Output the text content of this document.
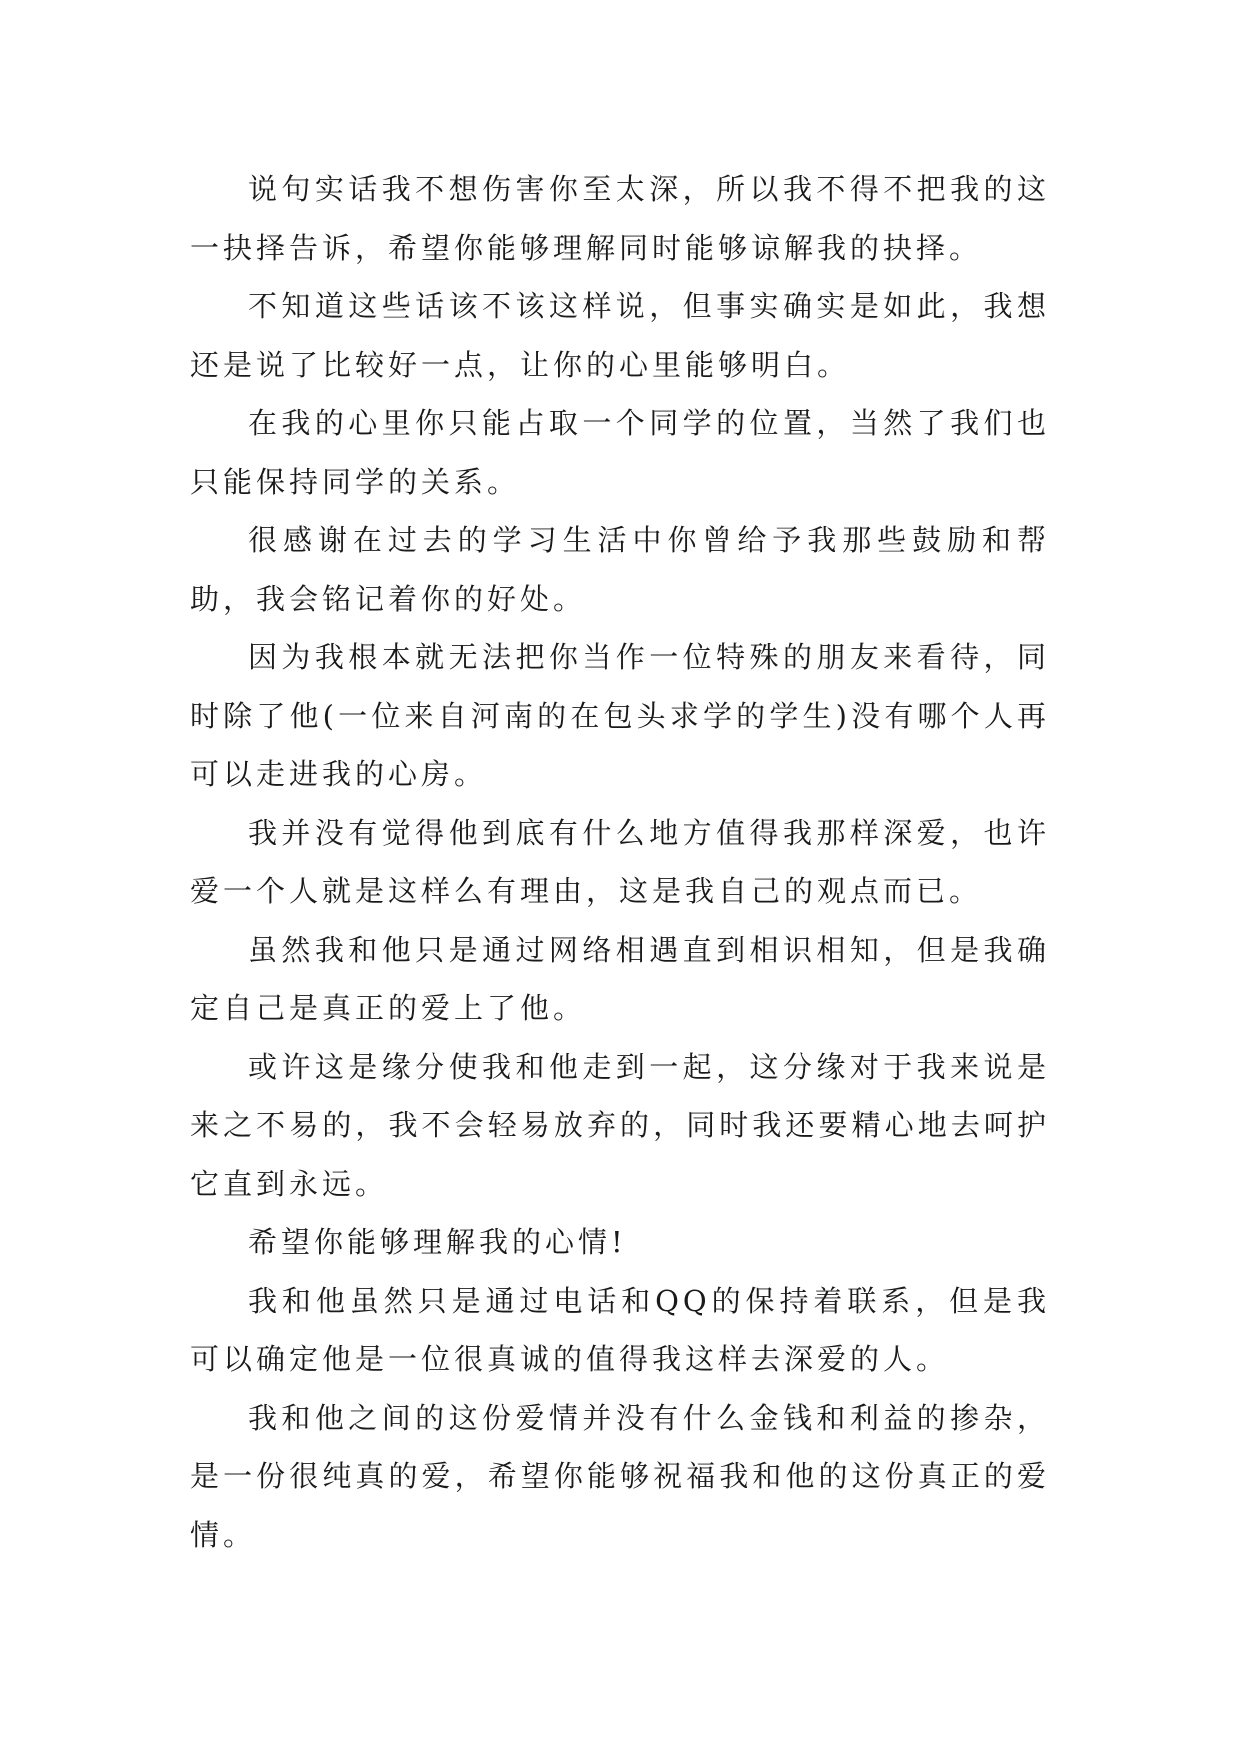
说句实话我不想伤害你至太深，所以我不得不把我的这一抉择告诉，希望你能够理解同时能够谅解我的抉择。

不知道这些话该不该这样说，但事实确实是如此，我想还是说了比较好一点，让你的心里能够明白。

在我的心里你只能占取一个同学的位置，当然了我们也只能保持同学的关系。

很感谢在过去的学习生活中你曾给予我那些鼓励和帮助，我会铭记着你的好处。

因为我根本就无法把你当作一位特殊的朋友来看待，同时除了他(一位来自河南的在包头求学的学生)没有哪个人再可以走进我的心房。

我并没有觉得他到底有什么地方值得我那样深爱，也许爱一个人就是这样么有理由，这是我自己的观点而已。

虽然我和他只是通过网络相遇直到相识相知，但是我确定自己是真正的爱上了他。

或许这是缘分使我和他走到一起，这分缘对于我来说是来之不易的，我不会轻易放弃的，同时我还要精心地去呵护它直到永远。

希望你能够理解我的心情!

我和他虽然只是通过电话和QQ的保持着联系，但是我可以确定他是一位很真诚的值得我这样去深爱的人。

我和他之间的这份爱情并没有什么金钱和利益的掺杂，是一份很纯真的爱，希望你能够祝福我和他的这份真正的爱情。
